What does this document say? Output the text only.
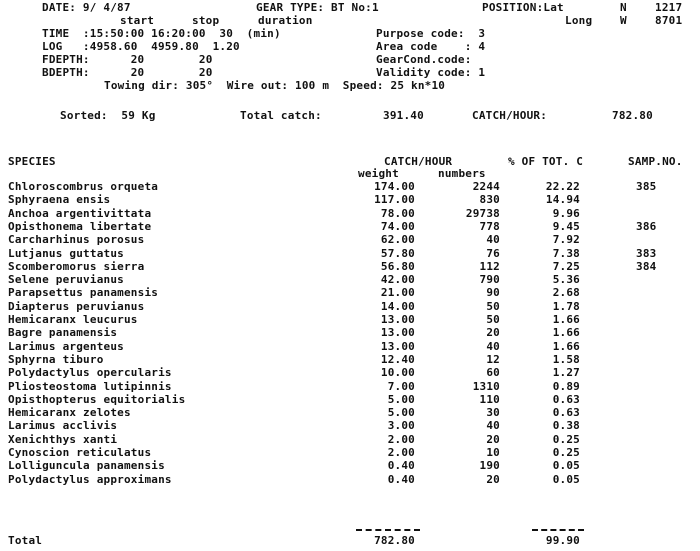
DATE: 9/ 4/87	GEAR TYPE: BT No:1	POSITION:Lat	N	1217
start	stop	duration	Long	W	8701
TIME  :15:50:00 16:20:00  30  (min)	Purpose code:  3
LOG   :4958.60  4959.80  1.20	Area code    : 4
FDEPTH:      20        20	GearCond.code:
BDEPTH:      20        20	Validity code: 1
Towing dir: 305°  Wire out: 100 m  Speed: 25 kn*10
Sorted:  59 Kg	Total catch:	391.40	CATCH/HOUR:	782.80
SPECIES	CATCH/HOUR	% OF TOT. C	SAMP.NO.
weight	numbers
Chloroscombrus orqueta	174.00	2244	22.22	385
Sphyraena ensis	117.00	830	14.94
Anchoa argentivittata	78.00	29738	9.96
Opisthonema libertate	74.00	778	9.45	386
Carcharhinus porosus	62.00	40	7.92
Lutjanus guttatus	57.80	76	7.38	383
Scomberomorus sierra	56.80	112	7.25	384
Selene peruvianus	42.00	790	5.36
Parapsettus panamensis	21.00	90	2.68
Diapterus peruvianus	14.00	50	1.78
Hemicaranx leucurus	13.00	50	1.66
Bagre panamensis	13.00	20	1.66
Larimus argenteus	13.00	40	1.66
Sphyrna tiburo	12.40	12	1.58
Polydactylus opercularis	10.00	60	1.27
Pliosteostoma lutipinnis	7.00	1310	0.89
Opisthopterus equitorialis	5.00	110	0.63
Hemicaranx zelotes	5.00	30	0.63
Larimus acclivis	3.00	40	0.38
Xenichthys xanti	2.00	20	0.25
Cynoscion reticulatus	2.00	10	0.25
Lolliguncula panamensis	0.40	190	0.05
Polydactylus approximans	0.40	20	0.05
Total	782.80	99.90
